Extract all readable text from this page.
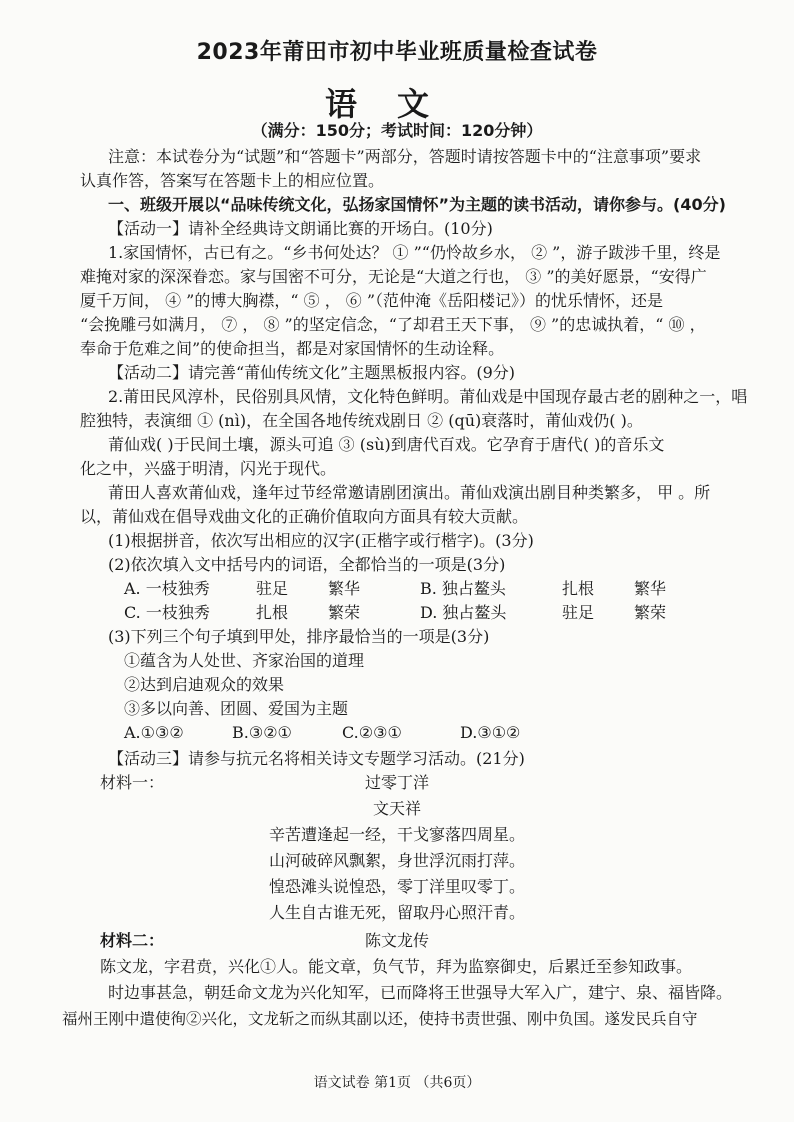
2023年莆田市初中毕业班质量检查试卷
语文
（满分：150分；考试时间：120分钟）
注意：本试卷分为“试题”和“答题卡”两部分，答题时请按答题卡中的“注意事项”要求
认真作答，答案写在答题卡上的相应位置。
一、班级开展以“品味传统文化，弘扬家国情怀”为主题的读书活动，请你参与。(40分)
【活动一】请补全经典诗文朗诵比赛的开场白。(10分)
1.家国情怀，古已有之。“乡书何处达？ ① ”“仍怜故乡水， ② ”，游子跋涉千里，终是
难掩对家的深深眷恋。家与国密不可分，无论是“大道之行也， ③ ”的美好愿景，“安得广
厦千万间， ④ ”的博大胸襟，“ ⑤ ， ⑥ ”（范仲淹《岳阳楼记》）的忧乐情怀，还是
“会挽雕弓如满月， ⑦ ， ⑧ ”的坚定信念，“了却君王天下事， ⑨ ”的忠诚执着，“ ⑩ ，
奉命于危难之间”的使命担当，都是对家国情怀的生动诠释。
【活动二】请完善“莆仙传统文化”主题黑板报内容。(9分)
2.莆田民风淳朴，民俗别具风情，文化特色鲜明。莆仙戏是中国现存最古老的剧种之一，唱
腔独特，表演细 ① (nì)，在全国各地传统戏剧日 ② (qū)衰落时，莆仙戏仍( )。
莆仙戏( )于民间土壤，源头可追 ③ (sù)到唐代百戏。它孕育于唐代( )的音乐文
化之中，兴盛于明清，闪光于现代。
莆田人喜欢莆仙戏，逢年过节经常邀请剧团演出。莆仙戏演出剧目种类繁多， 甲 。所
以，莆仙戏在倡导戏曲文化的正确价值取向方面具有较大贡献。
(1)根据拼音，依次写出相应的汉字(正楷字或行楷字)。(3分)
(2)依次填入文中括号内的词语，全都恰当的一项是(3分)
A. 一枝独秀	驻足 繁华	B. 独占鳌头	扎根 繁华
C. 一枝独秀	扎根 繁荣	D. 独占鳌头	驻足 繁荣
(3)下列三个句子填到甲处，排序最恰当的一项是(3分)
①蕴含为人处世、齐家治国的道理
②达到启迪观众的效果
③多以向善、团圆、爱国为主题
A.①③②	B.③②①	C.②③①	D.③①②
【活动三】请参与抗元名将相关诗文专题学习活动。(21分)
材料一：	过零丁洋
文天祥
辛苦遭逢起一经，干戈寥落四周星。
山河破碎风飘絮，身世浮沉雨打萍。
惶恐滩头说惶恐，零丁洋里叹零丁。
人生自古谁无死，留取丹心照汗青。
材料二：	陈文龙传
陈文龙，字君贲，兴化①人。能文章，负气节，拜为监察御史，后累迁至参知政事。
时边事甚急，朝廷命文龙为兴化知军，已而降将王世强导大军入广，建宁、泉、福皆降。
福州王刚中遣使徇②兴化，文龙斩之而纵其副以还，使持书责世强、刚中负国。遂发民兵自守
语文试卷 第1页 （共6页）
